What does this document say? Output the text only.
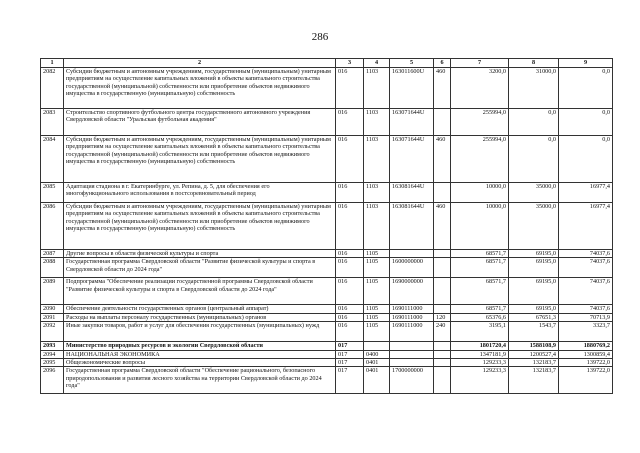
286
1	2	3	4	5	6	7	8	9
2082	Субсидии бюджетным и автономным учреждениям, государственным (муниципальным) унитарным предприятиям на осуществление капитальных вложений в объекты капитального строительства государственной (муниципальной) собственности или приобретение объектов недвижимого имущества в государственную (муниципальную) собственность	016	1103	163011600U	460	3200,0	31000,0	0,0
2083	Строительство спортивного футбольного центра государственного автономного учреждения Свердловской области "Уральская футбольная академия"	016	1103	163071644U		255994,0	0,0	0,0
2084	Субсидии бюджетным и автономным учреждениям, государственным (муниципальным) унитарным предприятиям на осуществление капитальных вложений в объекты капитального строительства государственной (муниципальной) собственности или приобретение объектов недвижимого имущества в государственную (муниципальную) собственность	016	1103	163071644U	460	255994,0	0,0	0,0
2085	Адаптация стадиона в г. Екатеринбурге, ул. Репина, д. 5, для обеспечения его многофункционального использования в постсоревновательный период	016	1103	163081644U		10000,0	35000,0	16977,4
2086	Субсидии бюджетным и автономным учреждениям, государственным (муниципальным) унитарным предприятиям на осуществление капитальных вложений в объекты капитального строительства государственной (муниципальной) собственности или приобретение объектов недвижимого имущества в государственную (муниципальную) собственность	016	1103	163081644U	460	10000,0	35000,0	16977,4
2087	Другие вопросы в области физической культуры и спорта	016	1105			68571,7	69195,0	74037,6
2088	Государственная программа Свердловской области "Развитие физической культуры и спорта в Свердловской области до 2024 года"	016	1105	1600000000		68571,7	69195,0	74037,6
2089	Подпрограмма "Обеспечение реализации государственной программы Свердловской области "Развитие физической культуры и спорта в Свердловской области до 2024 года"	016	1105	1690000000		68571,7	69195,0	74037,6
2090	Обеспечение деятельности государственных органов (центральный аппарат)	016	1105	1690111000		68571,7	69195,0	74037,6
2091	Расходы на выплаты персоналу государственных (муниципальных) органов	016	1105	1690111000	120	65376,6	67651,3	70713,9
2092	Иные закупки товаров, работ и услуг для обеспечения государственных (муниципальных) нужд	016	1105	1690111000	240	3195,1	1543,7	3323,7
2093	Министерство природных ресурсов и экологии Свердловской области	017				1801720,4	1588108,9	1880769,2
2094	НАЦИОНАЛЬНАЯ ЭКОНОМИКА	017	0400			1347181,9	1200527,4	1300859,4
2095	Общеэкономические вопросы	017	0401			129233,3	132183,7	139722,0
2096	Государственная программа Свердловской области "Обеспечение рационального, безопасного природопользования и развития лесного хозяйства на территории Свердловской области до 2024 года"	017	0401	1700000000		129233,3	132183,7	139722,0
